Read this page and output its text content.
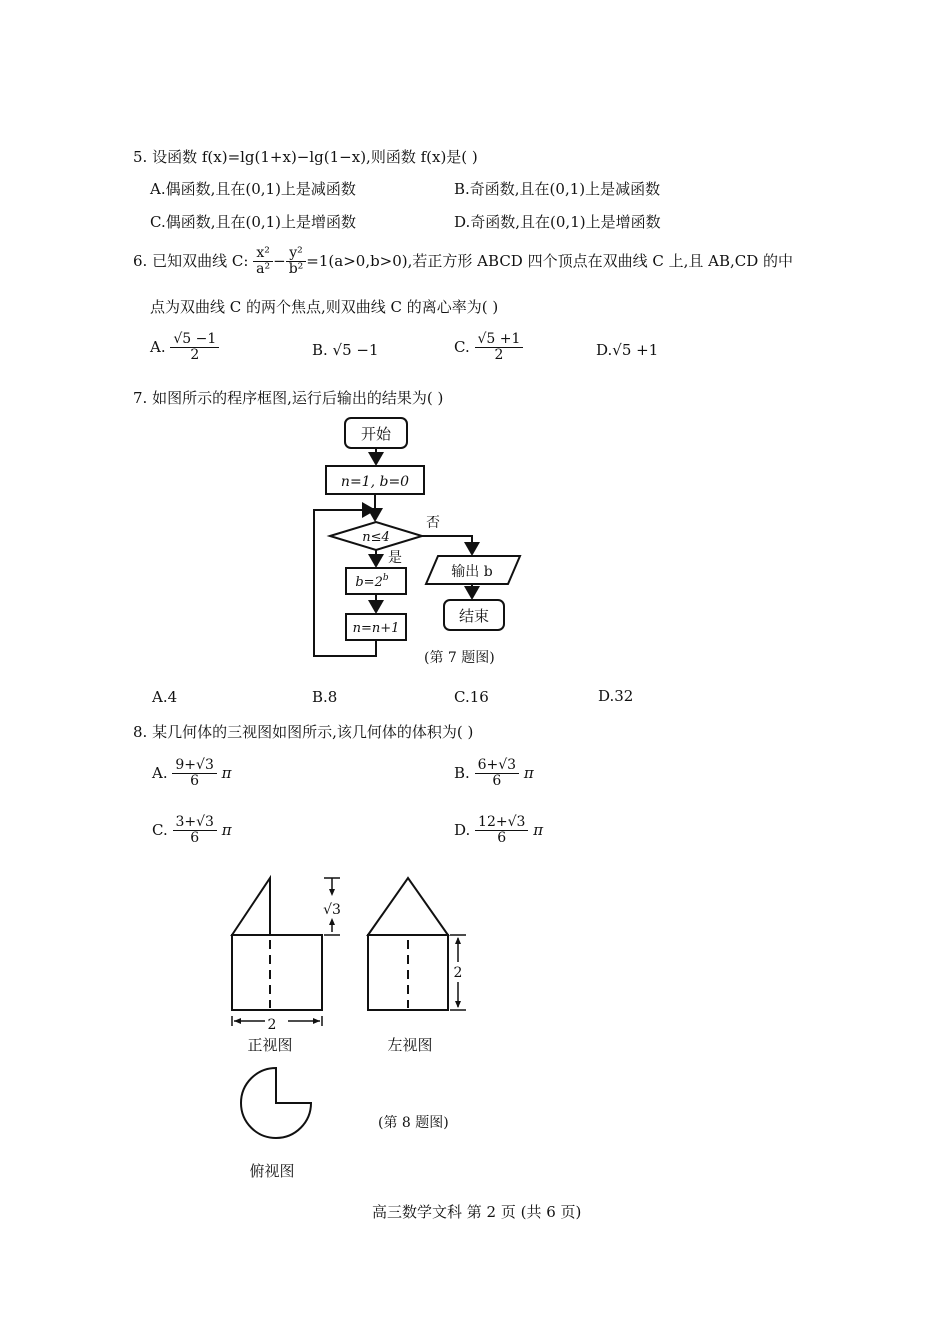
5. 设函数 f(x)=lg(1+x)−lg(1−x),则函数 f(x)是( )
A.偶函数,且在(0,1)上是减函数	B.奇函数,且在(0,1)上是减函数
C.偶函数,且在(0,1)上是增函数	D.奇函数,且在(0,1)上是增函数
6. 已知双曲线 C: $\frac{\text{x²}}{\text{a²}} - \frac{\text{y²}}{\text{b²}} =1(a>0,b>0)$,若正方形 ABCD 四个顶点在双曲线 C 上,且 AB,CD 的中
点为双曲线 C 的两个焦点,则双曲线 C 的离心率为( )
A. $\frac{√5 -1}{2}$	B. √5 −1	C. $\frac{√5 +1}{2}$	D.√5 +1
7. 如图所示的程序框图,运行后输出的结果为( )
开始
n=1, b=0
n≤4
否
是
$b=2^b$
n=n+1
输出 b
结束
(第 7 题图)
A.4	B.8	C.16	D.32
8. 某几何体的三视图如图所示,该几何体的体积为( )
A. $\frac{9+√3}{6}$ π	B. $\frac{6+√3}{6}$ π
C. $\frac{3+√3}{6}$ π	D. $\frac{12+√3}{6}$ π
2
正视图
√3
2
左视图
俯视图
(第 8 题图)
高三数学文科 第 2 页 (共 6 页)
